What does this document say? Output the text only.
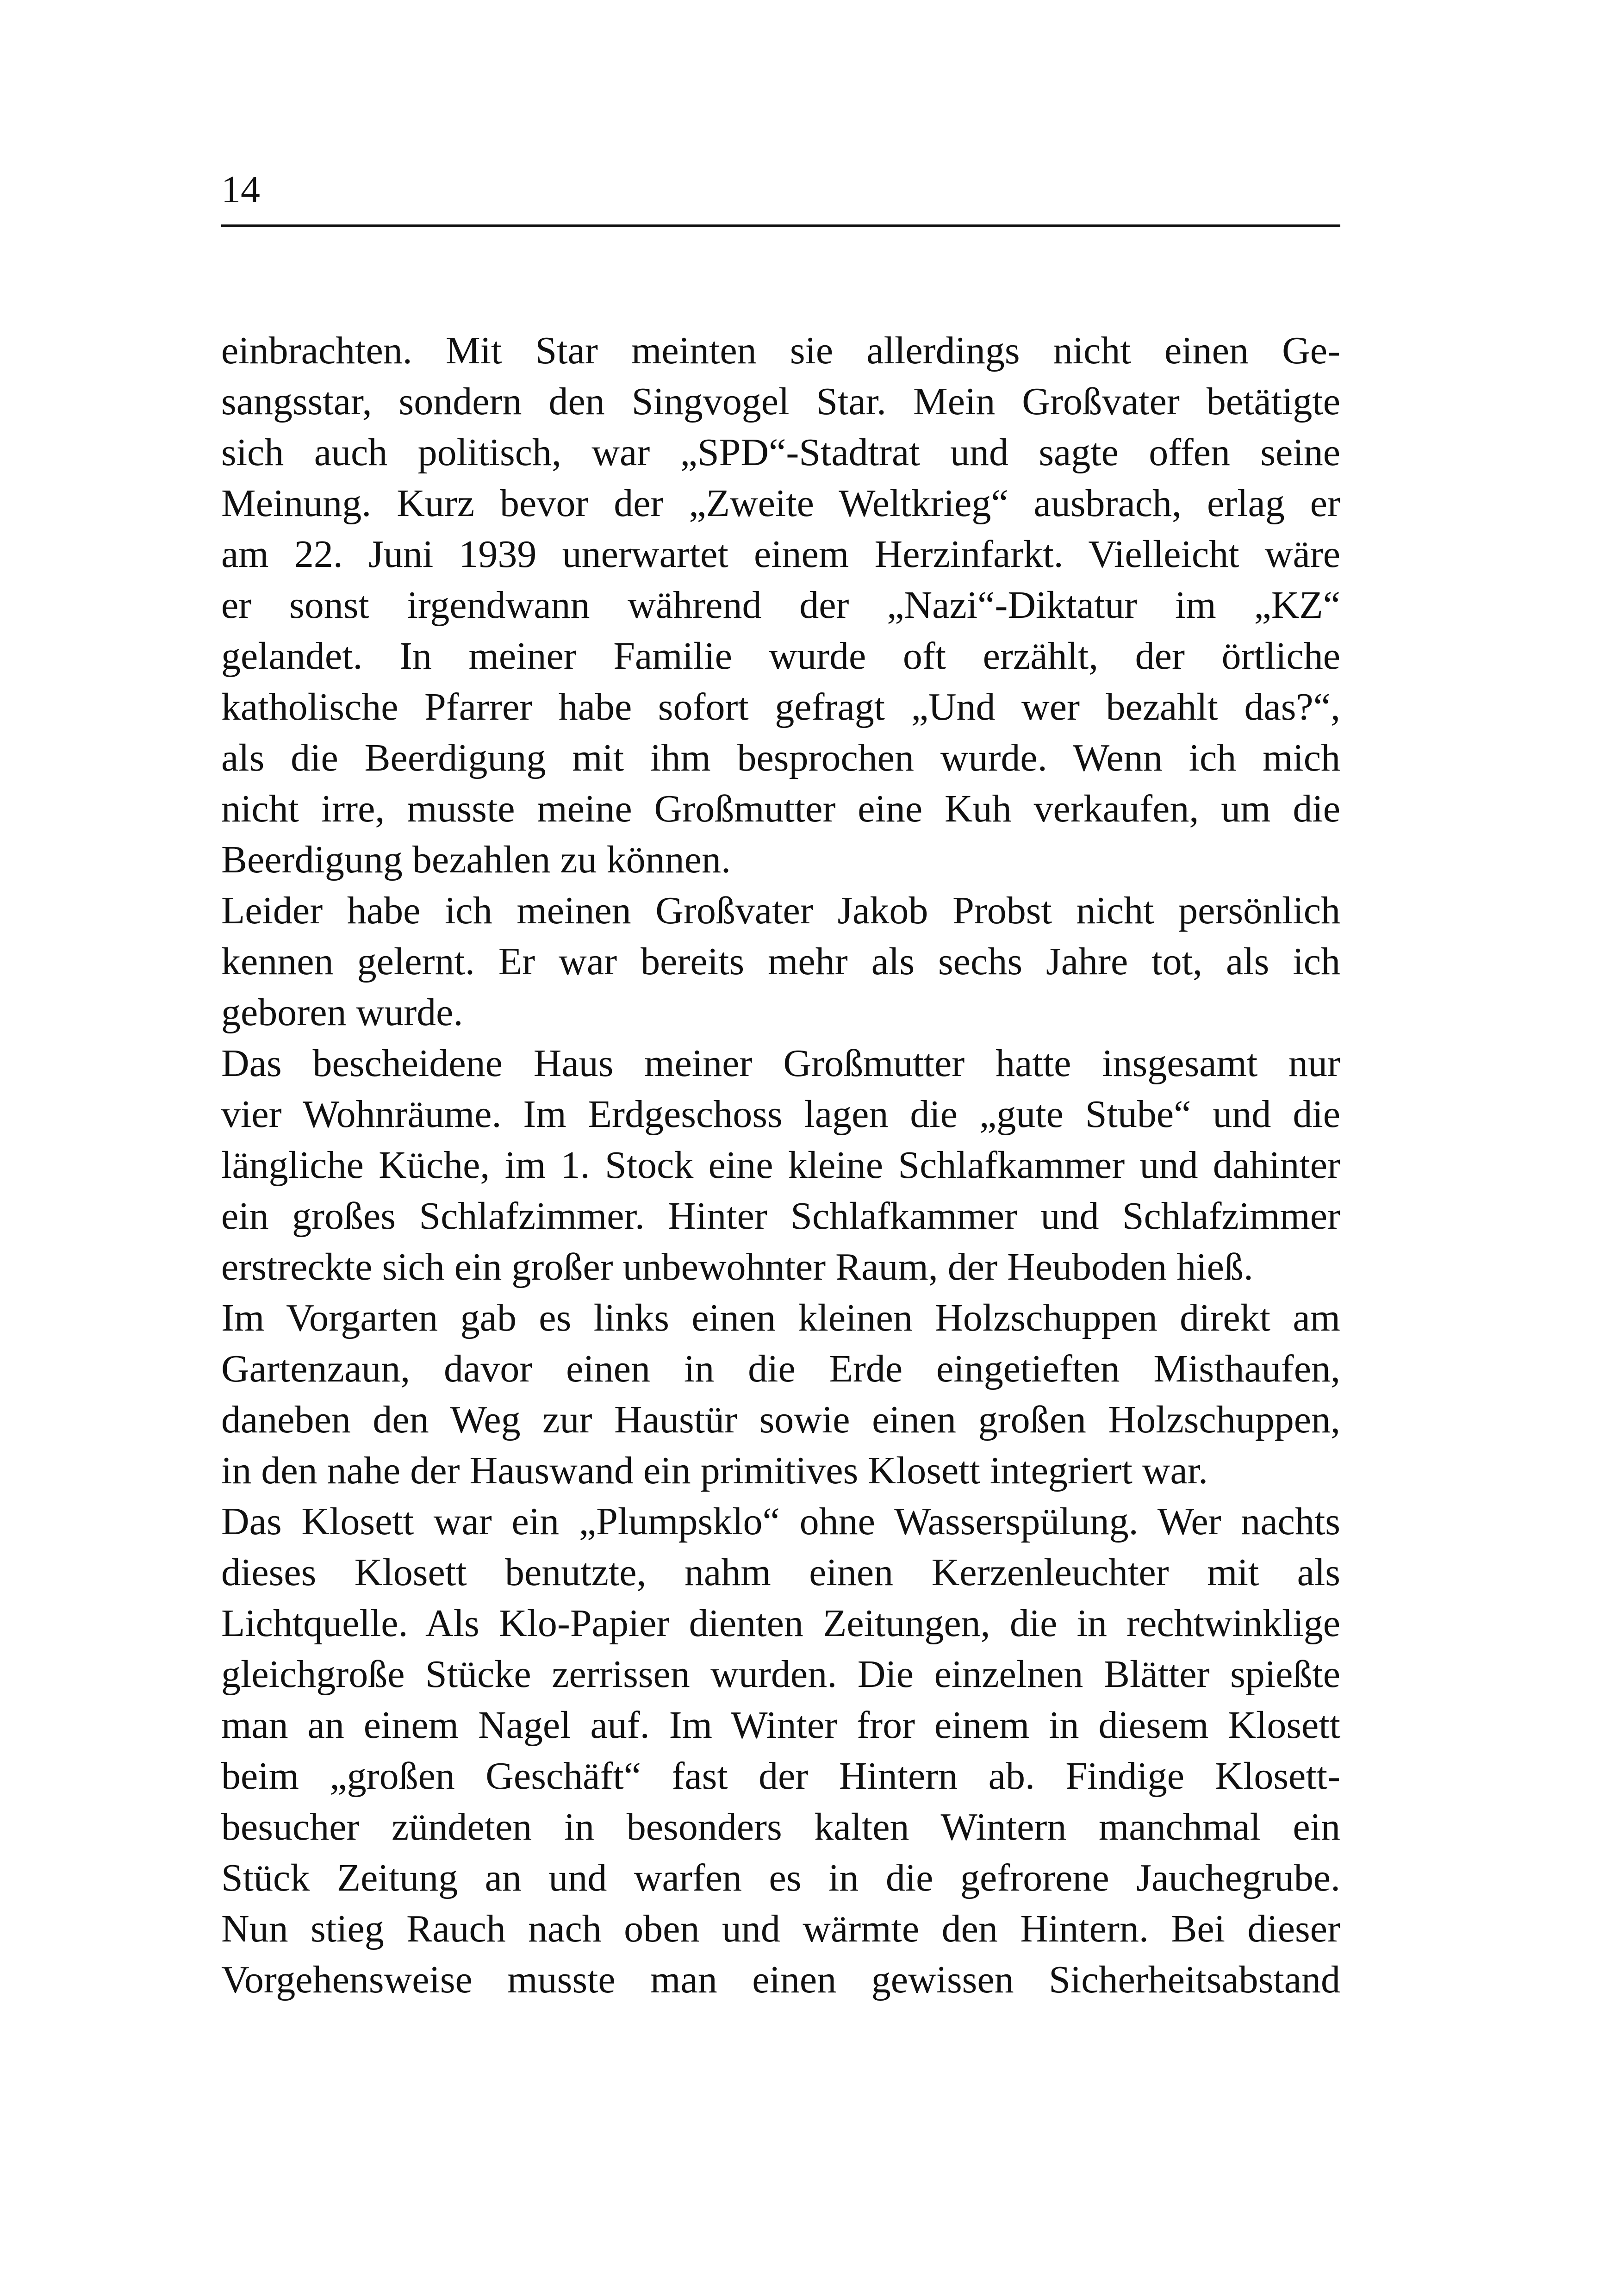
14

einbrachten. Mit Star meinten sie allerdings nicht einen Ge-
sangsstar, sondern den Singvogel Star. Mein Großvater betätigte
sich auch politisch, war „SPD“-Stadtrat und sagte offen seine
Meinung. Kurz bevor der „Zweite Weltkrieg“ ausbrach, erlag er
am 22. Juni 1939 unerwartet einem Herzinfarkt. Vielleicht wäre
er sonst irgendwann während der „Nazi“-Diktatur im „KZ“
gelandet. In meiner Familie wurde oft erzählt, der örtliche
katholische Pfarrer habe sofort gefragt „Und wer bezahlt das?“,
als die Beerdigung mit ihm besprochen wurde. Wenn ich mich
nicht irre, musste meine Großmutter eine Kuh verkaufen, um die
Beerdigung bezahlen zu können.
Leider habe ich meinen Großvater Jakob Probst nicht persönlich
kennen gelernt. Er war bereits mehr als sechs Jahre tot, als ich
geboren wurde.
Das bescheidene Haus meiner Großmutter hatte insgesamt nur
vier Wohnräume. Im Erdgeschoss lagen die „gute Stube“ und die
längliche Küche, im 1. Stock eine kleine Schlafkammer und dahinter
ein großes Schlafzimmer. Hinter Schlafkammer und Schlafzimmer
erstreckte sich ein großer unbewohnter Raum, der Heuboden hieß.
Im Vorgarten gab es links einen kleinen Holzschuppen direkt am
Gartenzaun, davor einen in die Erde eingetieften Misthaufen,
daneben den Weg zur Haustür sowie einen großen Holzschuppen,
in den nahe der Hauswand ein primitives Klosett integriert war.
Das Klosett war ein „Plumpsklo“ ohne Wasserspülung. Wer nachts
dieses Klosett benutzte, nahm einen Kerzenleuchter mit als
Lichtquelle. Als Klo-Papier dienten Zeitungen, die in rechtwinklige
gleichgroße Stücke zerrissen wurden. Die einzelnen Blätter spießte
man an einem Nagel auf. Im Winter fror einem in diesem Klosett
beim „großen Geschäft“ fast der Hintern ab. Findige Klosett-
besucher zündeten in besonders kalten Wintern manchmal ein
Stück Zeitung an und warfen es in die gefrorene Jauchegrube.
Nun stieg Rauch nach oben und wärmte den Hintern. Bei dieser
Vorgehensweise musste man einen gewissen Sicherheitsabstand
